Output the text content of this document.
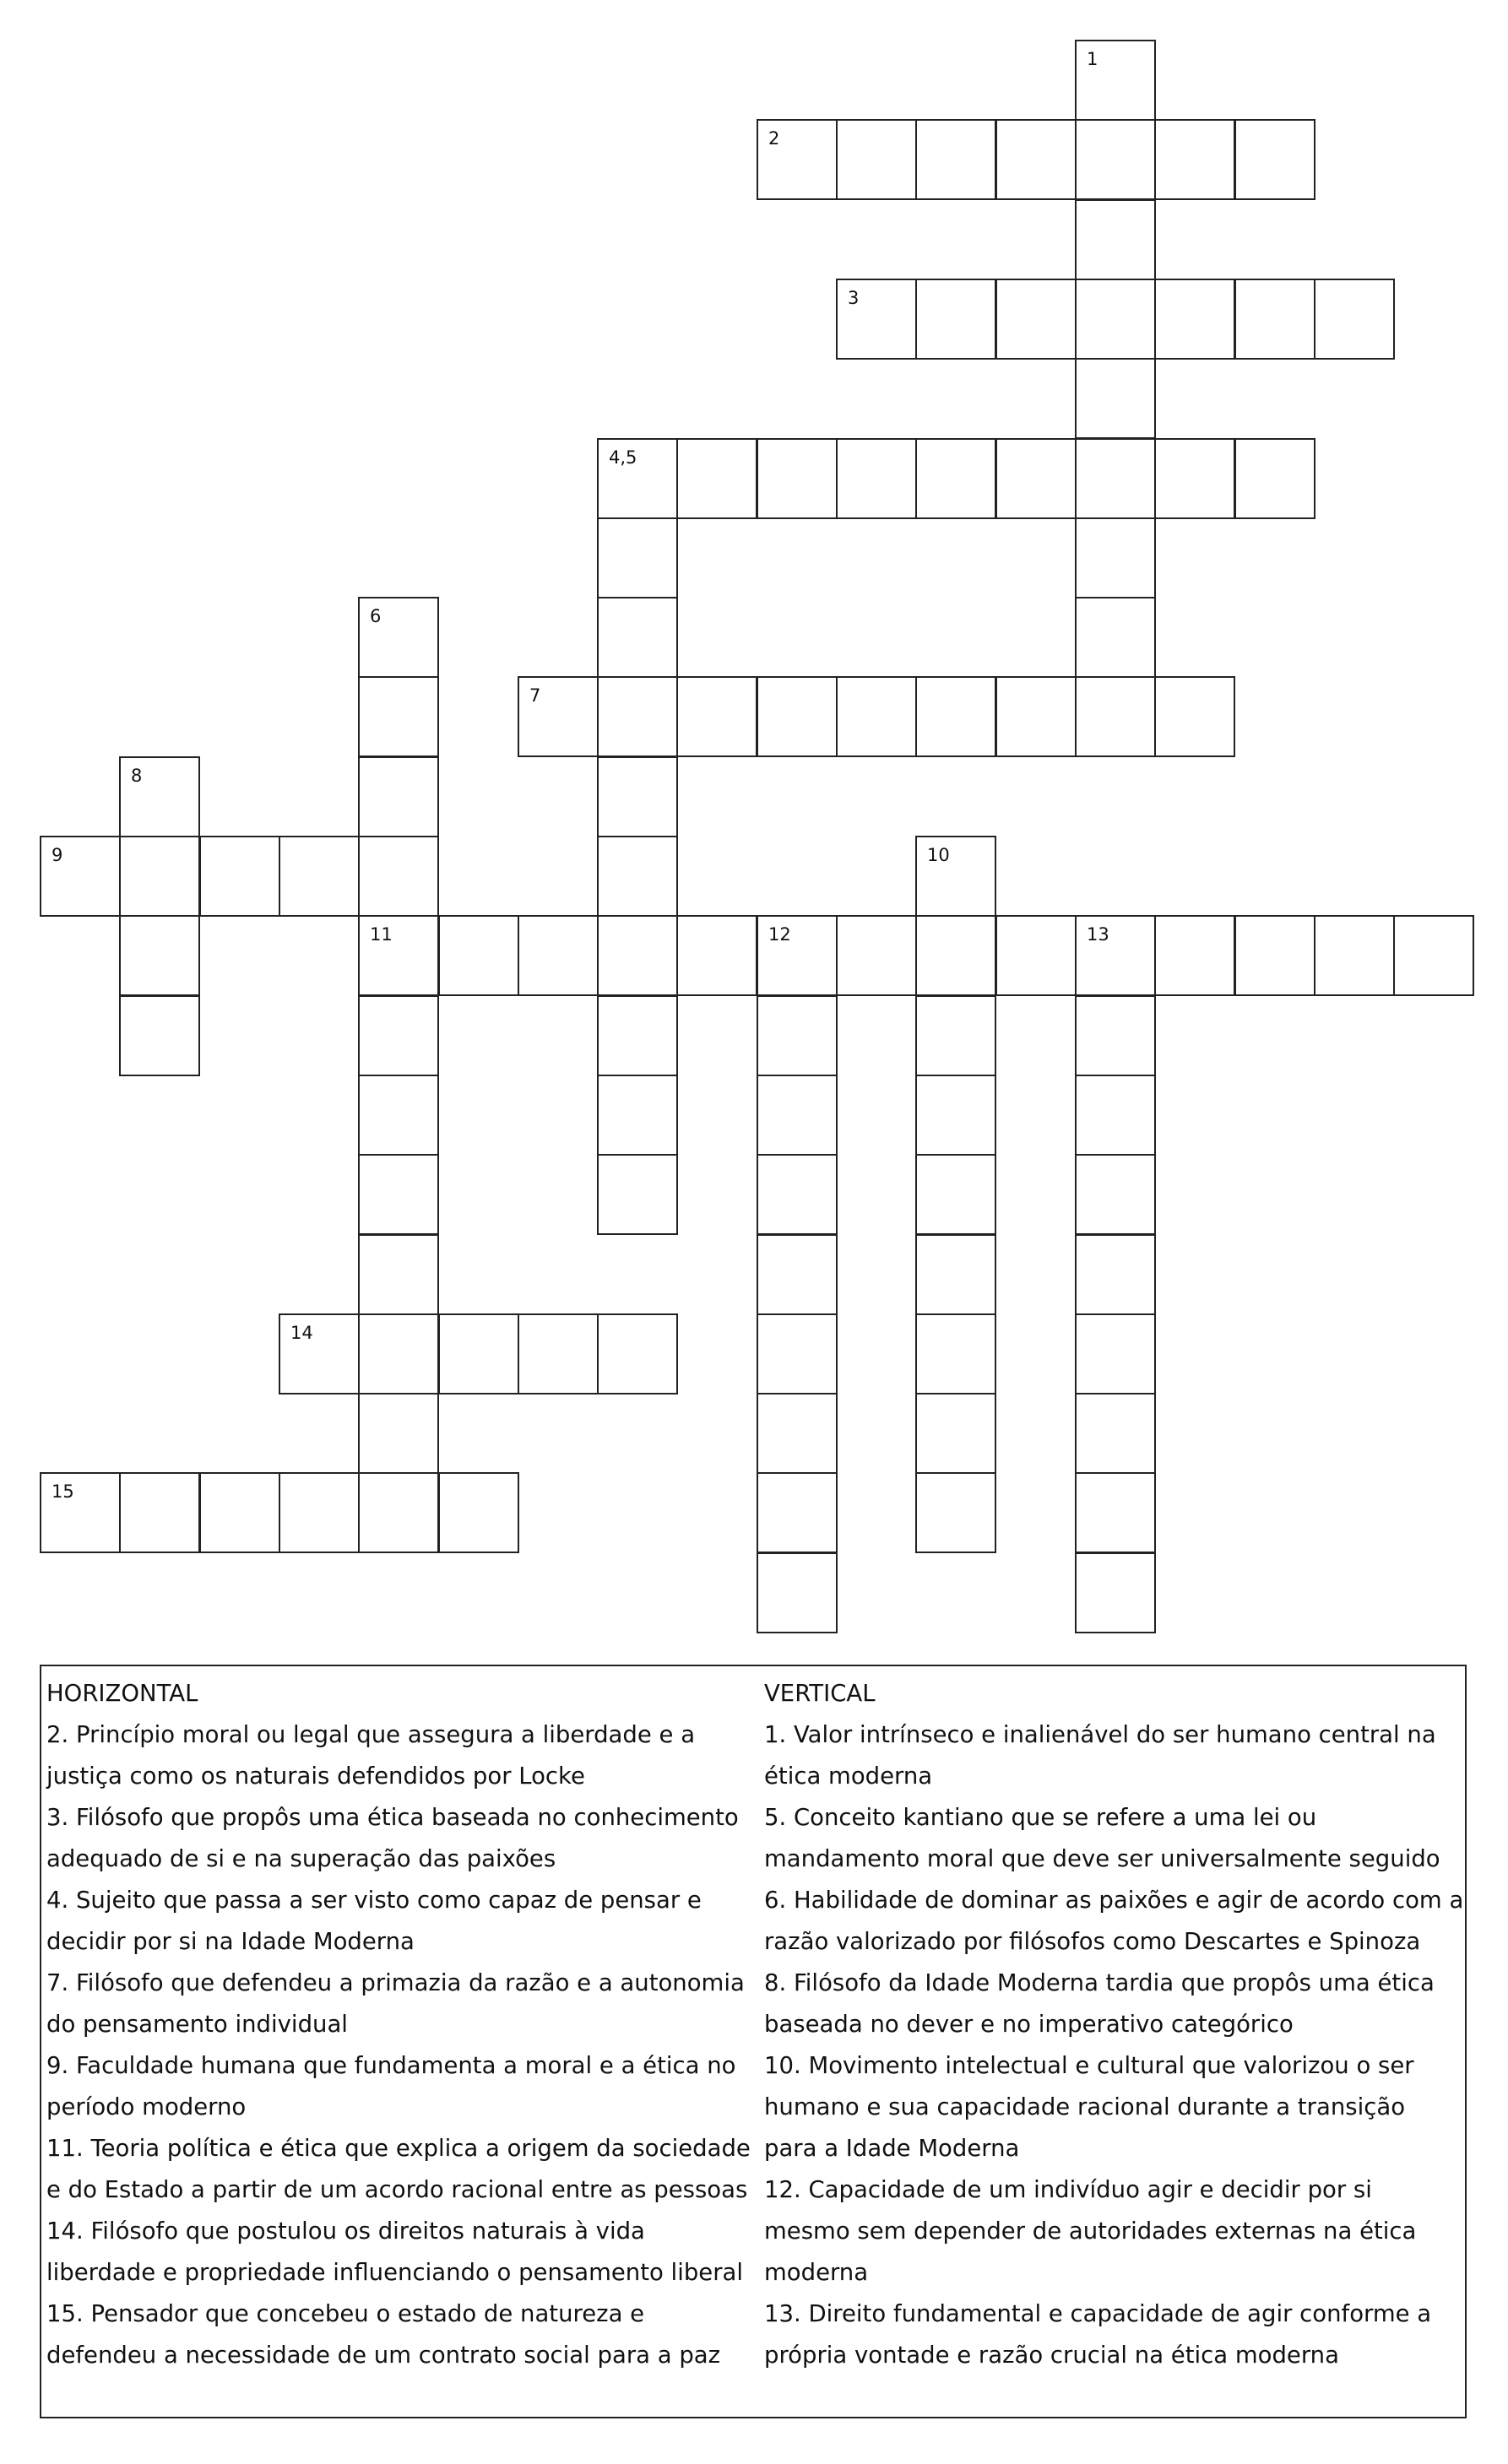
2
3
4,5
7
9
11	12	13
14
15
1
6
8
10
HORIZONTAL
2. Princípio moral ou legal que assegura a liberdade e a justiça como os naturais defendidos por Locke
3. Filósofo que propôs uma ética baseada no conhecimento adequado de si e na superação das paixões
4. Sujeito que passa a ser visto como capaz de pensar e decidir por si na Idade Moderna
7. Filósofo que defendeu a primazia da razão e a autonomia do pensamento individual
9. Faculdade humana que fundamenta a moral e a ética no período moderno
11. Teoria política e ética que explica a origem da sociedade e do Estado a partir de um acordo racional entre as pessoas
14. Filósofo que postulou os direitos naturais à vida liberdade e propriedade influenciando o pensamento liberal
15. Pensador que concebeu o estado de natureza e defendeu a necessidade de um contrato social para a paz
VERTICAL
1. Valor intrínseco e inalienável do ser humano central na ética moderna
5. Conceito kantiano que se refere a uma lei ou mandamento moral que deve ser universalmente seguido
6. Habilidade de dominar as paixões e agir de acordo com a razão valorizado por filósofos como Descartes e Spinoza
8. Filósofo da Idade Moderna tardia que propôs uma ética baseada no dever e no imperativo categórico
10. Movimento intelectual e cultural que valorizou o ser humano e sua capacidade racional durante a transição para a Idade Moderna
12. Capacidade de um indivíduo agir e decidir por si mesmo sem depender de autoridades externas na ética moderna
13. Direito fundamental e capacidade de agir conforme a própria vontade e razão crucial na ética moderna
